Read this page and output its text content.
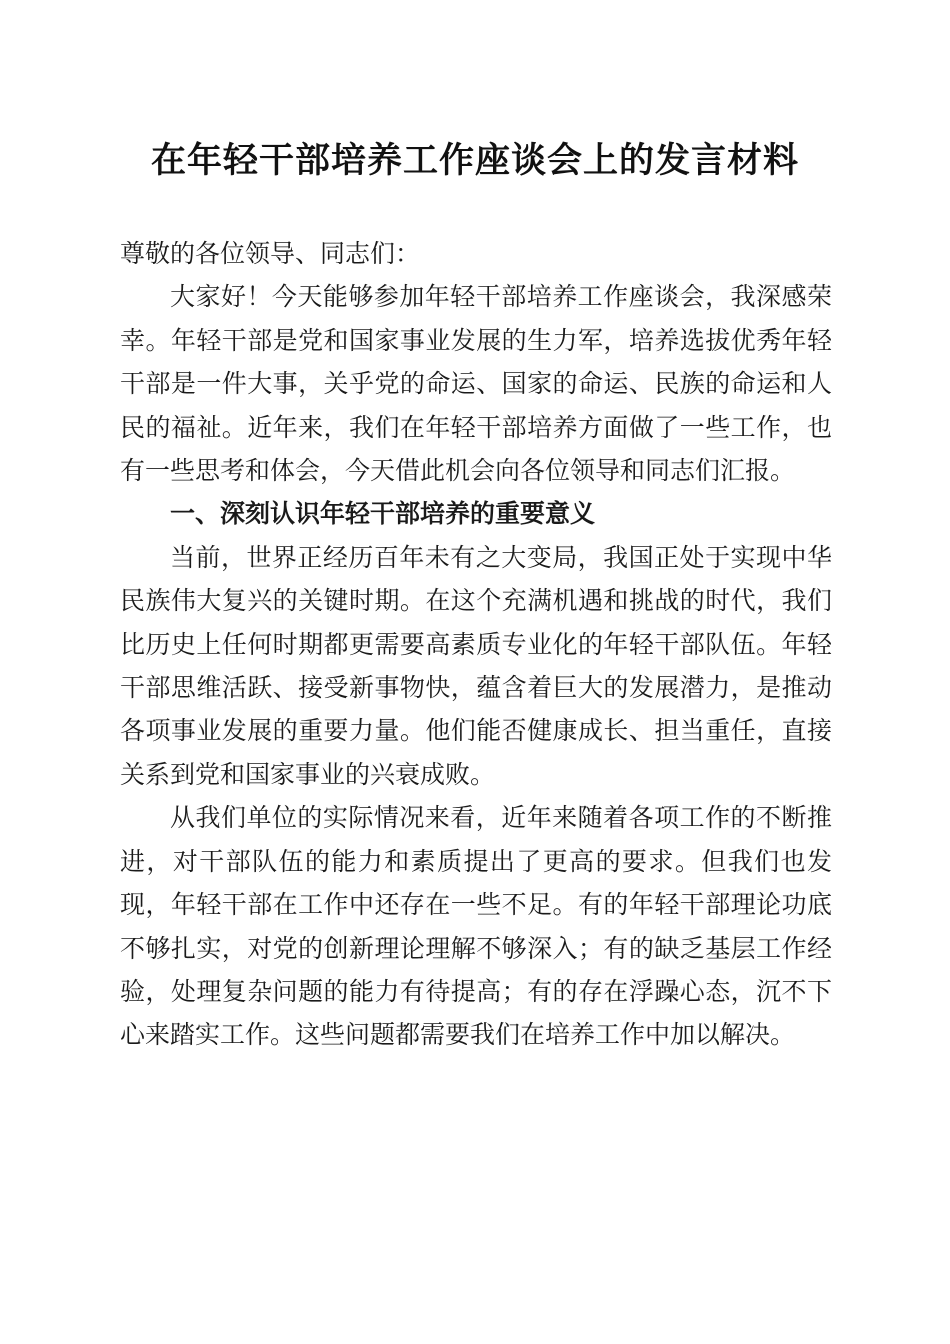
在年轻干部培养工作座谈会上的发言材料

尊敬的各位领导、同志们：

大家好！今天能够参加年轻干部培养工作座谈会，我深感荣幸。年轻干部是党和国家事业发展的生力军，培养选拔优秀年轻干部是一件大事，关乎党的命运、国家的命运、民族的命运和人民的福祉。近年来，我们在年轻干部培养方面做了一些工作，也有一些思考和体会，今天借此机会向各位领导和同志们汇报。

一、深刻认识年轻干部培养的重要意义

当前，世界正经历百年未有之大变局，我国正处于实现中华民族伟大复兴的关键时期。在这个充满机遇和挑战的时代，我们比历史上任何时期都更需要高素质专业化的年轻干部队伍。年轻干部思维活跃、接受新事物快，蕴含着巨大的发展潜力，是推动各项事业发展的重要力量。他们能否健康成长、担当重任，直接关系到党和国家事业的兴衰成败。

从我们单位的实际情况来看，近年来随着各项工作的不断推进，对干部队伍的能力和素质提出了更高的要求。但我们也发现，年轻干部在工作中还存在一些不足。有的年轻干部理论功底不够扎实，对党的创新理论理解不够深入；有的缺乏基层工作经验，处理复杂问题的能力有待提高；有的存在浮躁心态，沉不下心来踏实工作。这些问题都需要我们在培养工作中加以解决。
